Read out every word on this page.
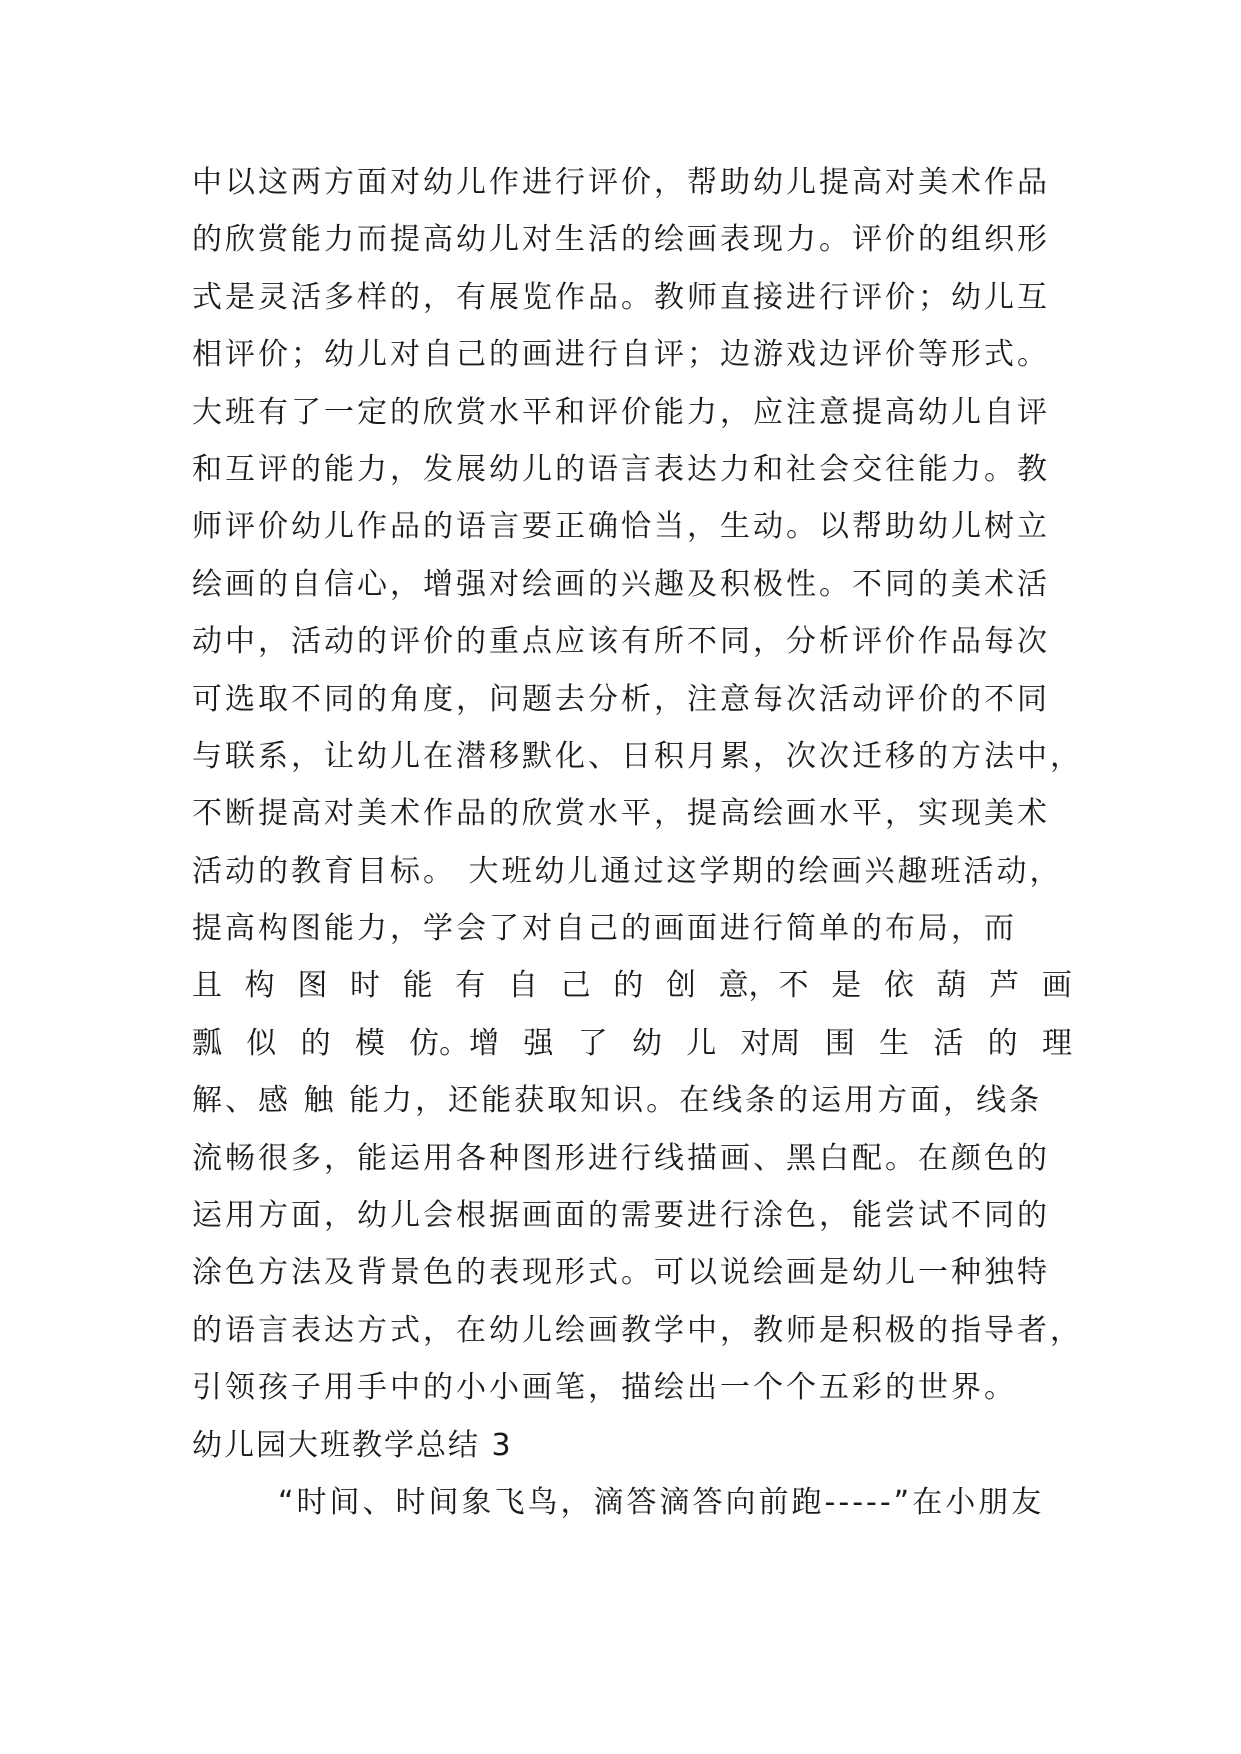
中以这两方面对幼儿作进行评价，帮助幼儿提高对美术作品
的欣赏能力而提高幼儿对生活的绘画表现力。评价的组织形
式是灵活多样的，有展览作品。教师直接进行评价；幼儿互
相评价；幼儿对自己的画进行自评；边游戏边评价等形式。
大班有了一定的欣赏水平和评价能力，应注意提高幼儿自评
和互评的能力，发展幼儿的语言表达力和社会交往能力。教
师评价幼儿作品的语言要正确恰当，生动。以帮助幼儿树立
绘画的自信心，增强对绘画的兴趣及积极性。不同的美术活
动中，活动的评价的重点应该有所不同，分析评价作品每次
可选取不同的角度，问题去分析，注意每次活动评价的不同
与联系，让幼儿在潜移默化、日积月累，次次迁移的方法中，
不断提高对美术作品的欣赏水平，提高绘画水平，实现美术
活动的教育目标。 大班幼儿通过这学期的绘画兴趣班活动，
提高构图能力，学会了对自己的画面进行简单的布局，而
且 构 图 时 能 有 自 己 的 创 意，不 是 依 葫 芦 画
瓢 似 的 模 仿。增 强 了 幼 儿 对周 围 生 活 的 理
解、感 触 能力，还能获取知识。在线条的运用方面，线条
流畅很多，能运用各种图形进行线描画、黑白配。在颜色的
运用方面，幼儿会根据画面的需要进行涂色，能尝试不同的
涂色方法及背景色的表现形式。可以说绘画是幼儿一种独特
的语言表达方式，在幼儿绘画教学中，教师是积极的指导者，
引领孩子用手中的小小画笔，描绘出一个个五彩的世界。
幼儿园大班教学总结 3
“时间、时间象飞鸟，滴答滴答向前跑-----”在小朋友
